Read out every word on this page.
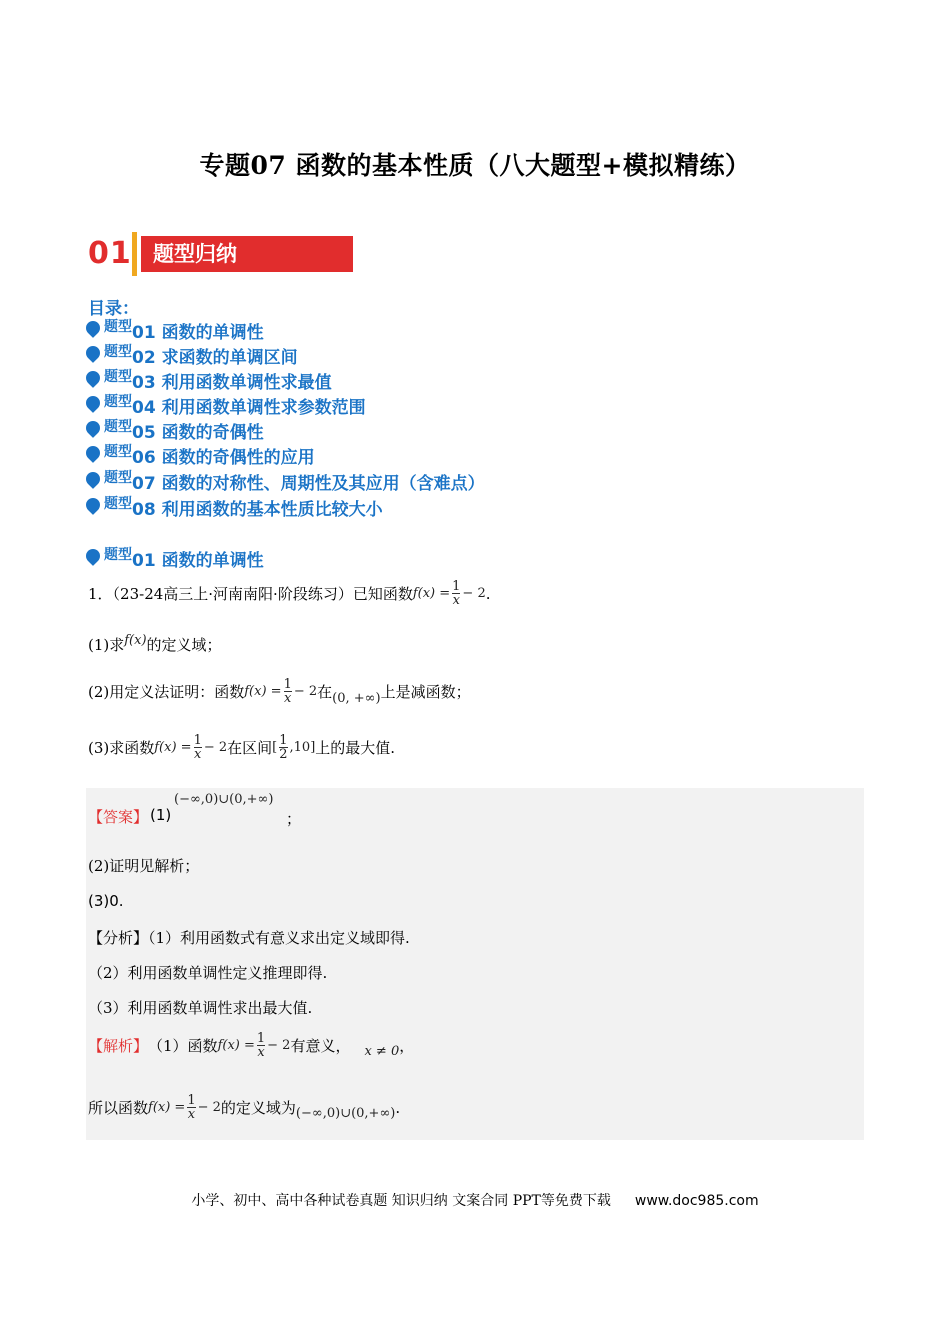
专题07 函数的基本性质（八大题型+模拟精练）
01	题型归纳
目录：
题型 01 函数的单调性
题型 02 求函数的单调区间
题型 03 利用函数单调性求最值
题型 04 利用函数单调性求参数范围
题型 05 函数的奇偶性
题型 06 函数的奇偶性的应用
题型 07 函数的对称性、周期性及其应用（含难点）
题型 08 利用函数的基本性质比较大小
题型 01 函数的单调性
1．（23-24高三上·河南南阳·阶段练习）已知函数 $f(x) = \frac{1}{x} - 2$ .
(1)求 f(x) 的定义域；
(2)用定义法证明：函数 $f(x) = \frac{1}{x} - 2$ 在 (0, +∞) 上是减函数；
(3)求函数 $f(x) = \frac{1}{x} - 2$ 在区间 [ $\frac{1}{2} ,10$] 上的最大值.
【答案】 (1)
(−∞,0)∪(0,+∞)
；
(2)证明见解析；
(3)0.
【分析】（1）利用函数式有意义求出定义域即得.
（2）利用函数单调性定义推理即得.
（3）利用函数单调性求出最大值.
【解析】 （1）函数 $f(x) = \frac{1}{x} - 2$ 有意义， x ≠ 0 ，
所以函数 $f(x) = \frac{1}{x} - 2$ 的定义域为 (−∞,0)∪(0,+∞) .
小学、初中、高中各种试卷真题 知识归纳 文案合同 PPT等免费下载 www.doc985.com
